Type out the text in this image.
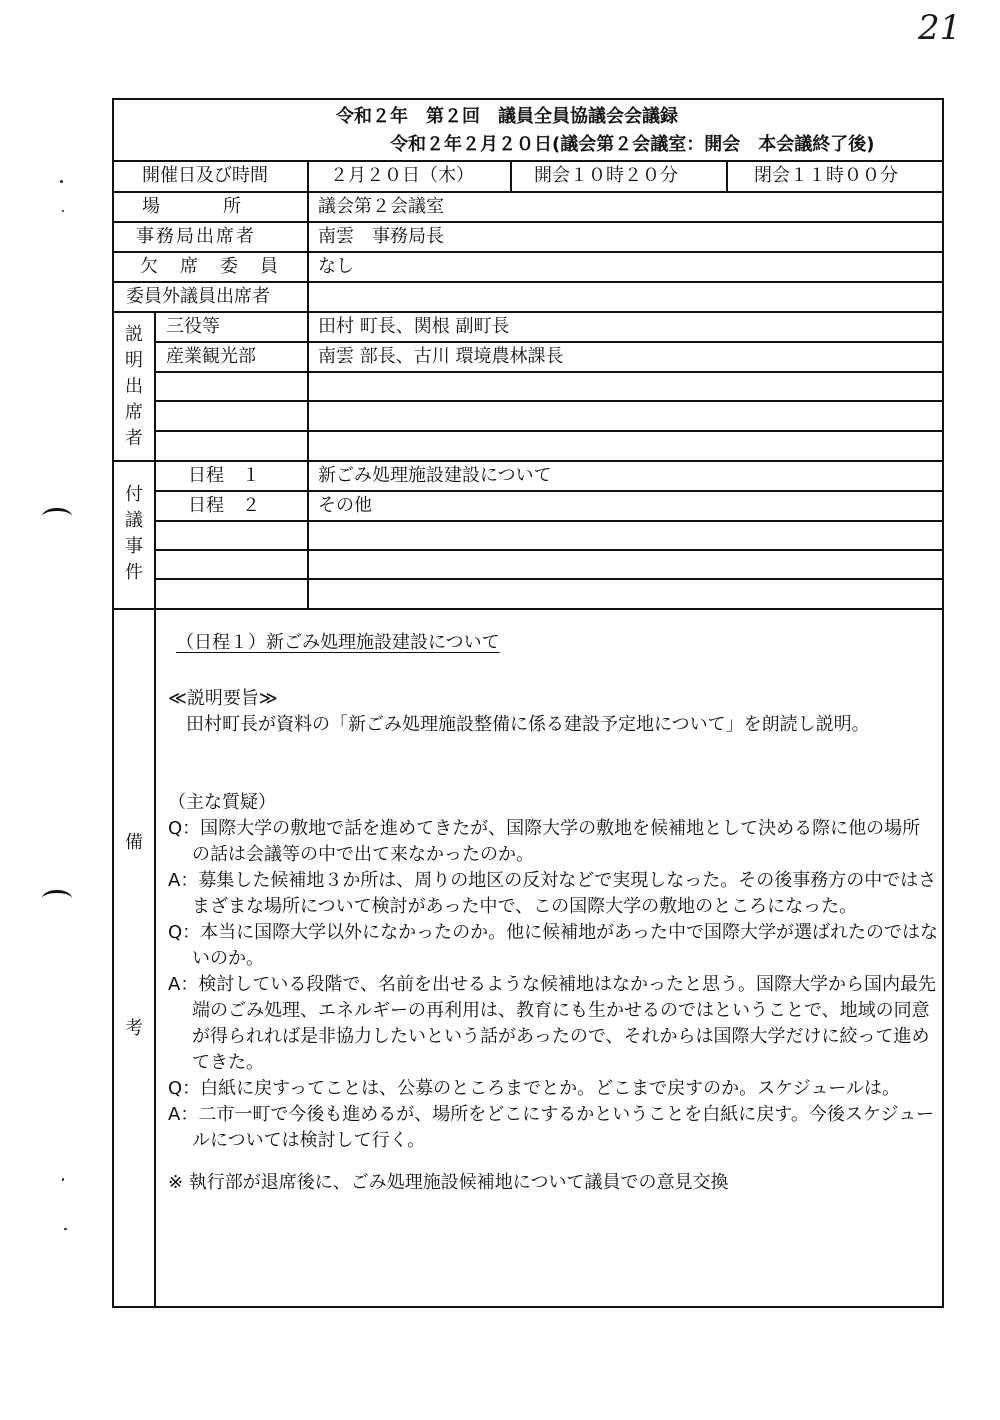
21
令和２年　第２回　議員全員協議会会議録
令和２年２月２０日(議会第２会議室：開会　本会議終了後)
開催日及び時間	２月２０日（木）	開会１０時２０分	閉会１１時００分
場　　所	議会第２会議室
事務局出席者	南雲　事務局長
欠　席　委　員 なし
委員外議員出席者
説明出席者
三役等	田村 町長、関根 副町長
産業観光部	南雲 部長、古川 環境農林課長
付議事件
日程　１	新ごみ処理施設建設について
日程　２	その他
備考
（日程１）新ごみ処理施設建設について
≪説明要旨≫
田村町長が資料の「新ごみ処理施設整備に係る建設予定地について」を朗読し説明。
（主な質疑）
Q：国際大学の敷地で話を進めてきたが、国際大学の敷地を候補地として決める際に他の場所の話は会議等の中で出て来なかったのか。
A：募集した候補地３か所は、周りの地区の反対などで実現しなった。その後事務方の中ではさまざまな場所について検討があった中で、この国際大学の敷地のところになった。
Q：本当に国際大学以外になかったのか。他に候補地があった中で国際大学が選ばれたのではないのか。
A：検討している段階で、名前を出せるような候補地はなかったと思う。国際大学から国内最先端のごみ処理、エネルギーの再利用は、教育にも生かせるのではということで、地域の同意が得られれば是非協力したいという話があったので、それからは国際大学だけに絞って進めてきた。
Q：白紙に戻すってことは、公募のところまでとか。どこまで戻すのか。スケジュールは。
A：二市一町で今後も進めるが、場所をどこにするかということを白紙に戻す。今後スケジュールについては検討して行く。
※ 執行部が退席後に、ごみ処理施設候補地について議員での意見交換
